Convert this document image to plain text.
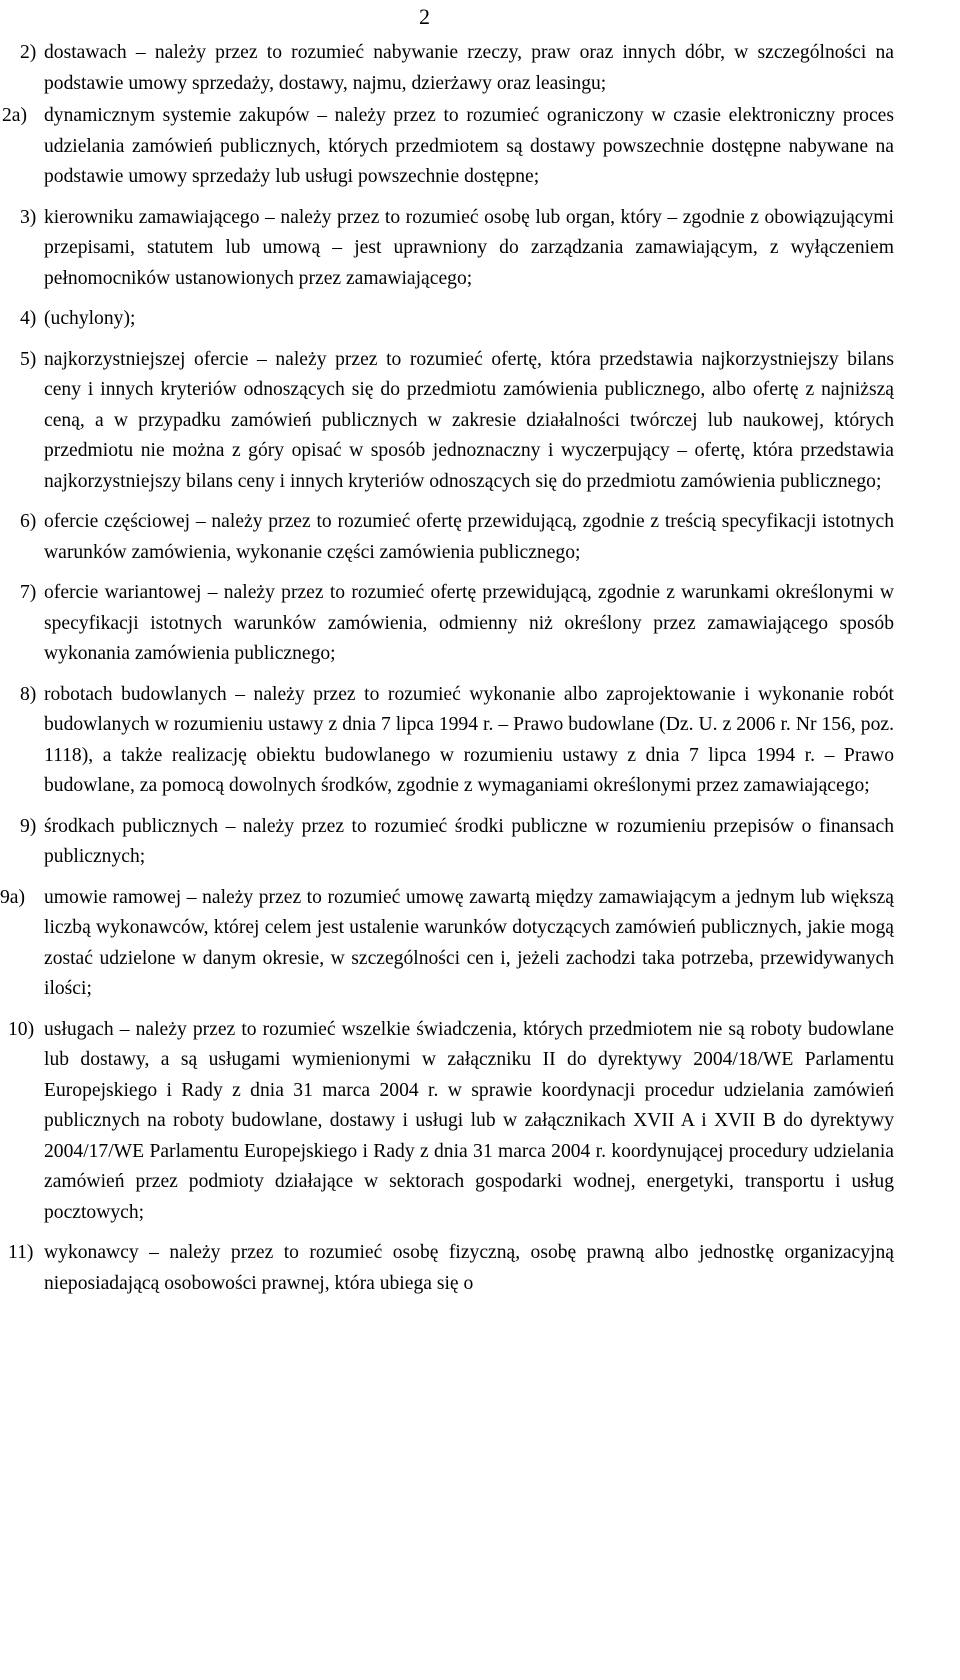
2
2) dostawach – należy przez to rozumieć nabywanie rzeczy, praw oraz innych dóbr, w szczególności na podstawie umowy sprzedaży, dostawy, najmu, dzierżawy oraz leasingu;
2a) dynamicznym systemie zakupów – należy przez to rozumieć ograniczony w czasie elektroniczny proces udzielania zamówień publicznych, których przedmiotem są dostawy powszechnie dostępne nabywane na podstawie umowy sprzedaży lub usługi powszechnie dostępne;
3) kierowniku zamawiającego – należy przez to rozumieć osobę lub organ, który – zgodnie z obowiązującymi przepisami, statutem lub umową – jest uprawniony do zarządzania zamawiającym, z wyłączeniem pełnomocników ustanowionych przez zamawiającego;
4) (uchylony);
5) najkorzystniejszej ofercie – należy przez to rozumieć ofertę, która przedstawia najkorzystniejszy bilans ceny i innych kryteriów odnoszących się do przedmiotu zamówienia publicznego, albo ofertę z najniższą ceną, a w przypadku zamówień publicznych w zakresie działalności twórczej lub naukowej, których przedmiotu nie można z góry opisać w sposób jednoznaczny i wyczerpujący – ofertę, która przedstawia najkorzystniejszy bilans ceny i innych kryteriów odnoszących się do przedmiotu zamówienia publicznego;
6) ofercie częściowej – należy przez to rozumieć ofertę przewidującą, zgodnie z treścią specyfikacji istotnych warunków zamówienia, wykonanie części zamówienia publicznego;
7) ofercie wariantowej – należy przez to rozumieć ofertę przewidującą, zgodnie z warunkami określonymi w specyfikacji istotnych warunków zamówienia, odmienny niż określony przez zamawiającego sposób wykonania zamówienia publicznego;
8) robotach budowlanych – należy przez to rozumieć wykonanie albo zaprojektowanie i wykonanie robót budowlanych w rozumieniu ustawy z dnia 7 lipca 1994 r. – Prawo budowlane (Dz. U. z 2006 r. Nr 156, poz. 1118), a także realizację obiektu budowlanego w rozumieniu ustawy z dnia 7 lipca 1994 r. – Prawo budowlane, za pomocą dowolnych środków, zgodnie z wymaganiami określonymi przez zamawiającego;
9) środkach publicznych – należy przez to rozumieć środki publiczne w rozumieniu przepisów o finansach publicznych;
9a) umowie ramowej – należy przez to rozumieć umowę zawartą między zamawiającym a jednym lub większą liczbą wykonawców, której celem jest ustalenie warunków dotyczących zamówień publicznych, jakie mogą zostać udzielone w danym okresie, w szczególności cen i, jeżeli zachodzi taka potrzeba, przewidywanych ilości;
10) usługach – należy przez to rozumieć wszelkie świadczenia, których przedmiotem nie są roboty budowlane lub dostawy, a są usługami wymienionymi w załączniku II do dyrektywy 2004/18/WE Parlamentu Europejskiego i Rady z dnia 31 marca 2004 r. w sprawie koordynacji procedur udzielania zamówień publicznych na roboty budowlane, dostawy i usługi lub w załącznikach XVII A i XVII B do dyrektywy 2004/17/WE Parlamentu Europejskiego i Rady z dnia 31 marca 2004 r. koordynującej procedury udzielania zamówień przez podmioty działające w sektorach gospodarki wodnej, energetyki, transportu i usług pocztowych;
11) wykonawcy – należy przez to rozumieć osobę fizyczną, osobę prawną albo jednostkę organizacyjną nieposiadającą osobowości prawnej, która ubiega się o
